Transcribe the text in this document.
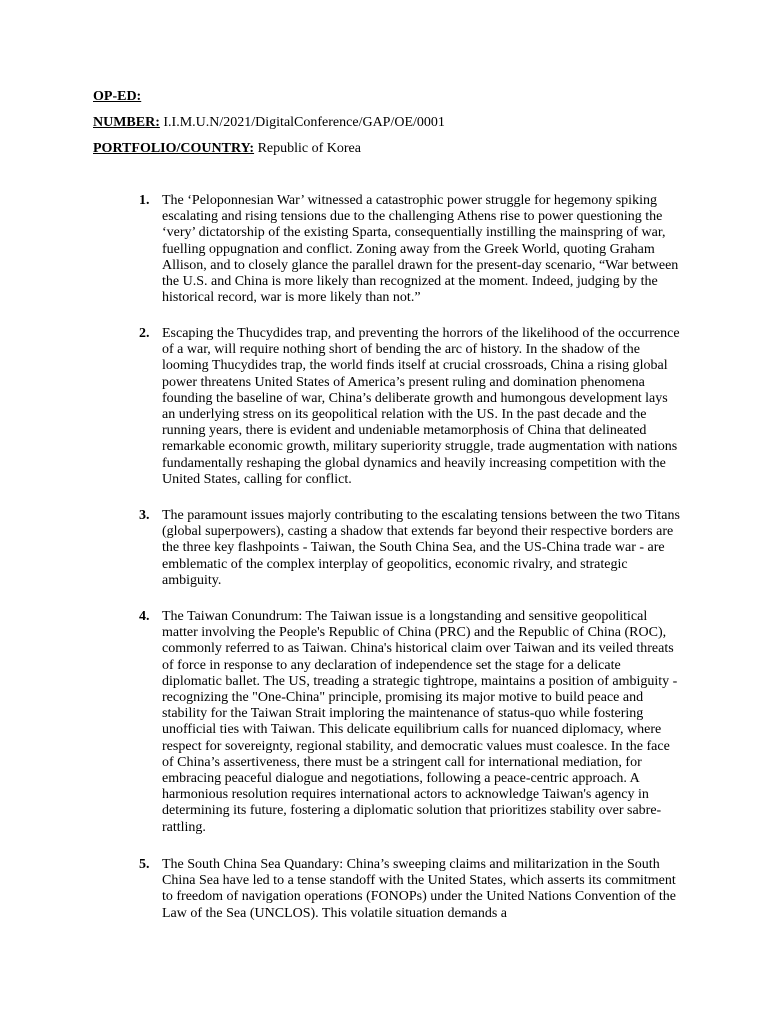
OP-ED:
NUMBER: I.I.M.U.N/2021/DigitalConference/GAP/OE/0001
PORTFOLIO/COUNTRY: Republic of Korea
1. The ‘Peloponnesian War’ witnessed a catastrophic power struggle for hegemony spiking escalating and rising tensions due to the challenging Athens rise to power questioning the ‘very’ dictatorship of the existing Sparta, consequentially instilling the mainspring of war, fuelling oppugnation and conflict. Zoning away from the Greek World, quoting Graham Allison, and to closely glance the parallel drawn for the present-day scenario, “War between the U.S. and China is more likely than recognized at the moment. Indeed, judging by the historical record, war is more likely than not.”

2. Escaping the Thucydides trap, and preventing the horrors of the likelihood of the occurrence of a war, will require nothing short of bending the arc of history. In the shadow of the looming Thucydides trap, the world finds itself at crucial crossroads, China a rising global power threatens United States of America’s present ruling and domination phenomena founding the baseline of war, China’s deliberate growth and humongous development lays an underlying stress on its geopolitical relation with the US. In the past decade and the running years, there is evident and undeniable metamorphosis of China that delineated remarkable economic growth, military superiority struggle, trade augmentation with nations fundamentally reshaping the global dynamics and heavily increasing competition with the United States, calling for conflict.

3. The paramount issues majorly contributing to the escalating tensions between the two Titans (global superpowers), casting a shadow that extends far beyond their respective borders are the three key flashpoints - Taiwan, the South China Sea, and the US-China trade war - are emblematic of the complex interplay of geopolitics, economic rivalry, and strategic ambiguity.

4. The Taiwan Conundrum: The Taiwan issue is a longstanding and sensitive geopolitical matter involving the People's Republic of China (PRC) and the Republic of China (ROC), commonly referred to as Taiwan. China's historical claim over Taiwan and its veiled threats of force in response to any declaration of independence set the stage for a delicate diplomatic ballet. The US, treading a strategic tightrope, maintains a position of ambiguity - recognizing the "One-China" principle, promising its major motive to build peace and stability for the Taiwan Strait imploring the maintenance of status-quo while fostering unofficial ties with Taiwan. This delicate equilibrium calls for nuanced diplomacy, where respect for sovereignty, regional stability, and democratic values must coalesce. In the face of China’s assertiveness, there must be a stringent call for international mediation, for embracing peaceful dialogue and negotiations, following a peace-centric approach. A harmonious resolution requires international actors to acknowledge Taiwan's agency in determining its future, fostering a diplomatic solution that prioritizes stability over sabre-rattling.

5. The South China Sea Quandary: China’s sweeping claims and militarization in the South China Sea have led to a tense standoff with the United States, which asserts its commitment to freedom of navigation operations (FONOPs) under the United Nations Convention of the Law of the Sea (UNCLOS). This volatile situation demands a
